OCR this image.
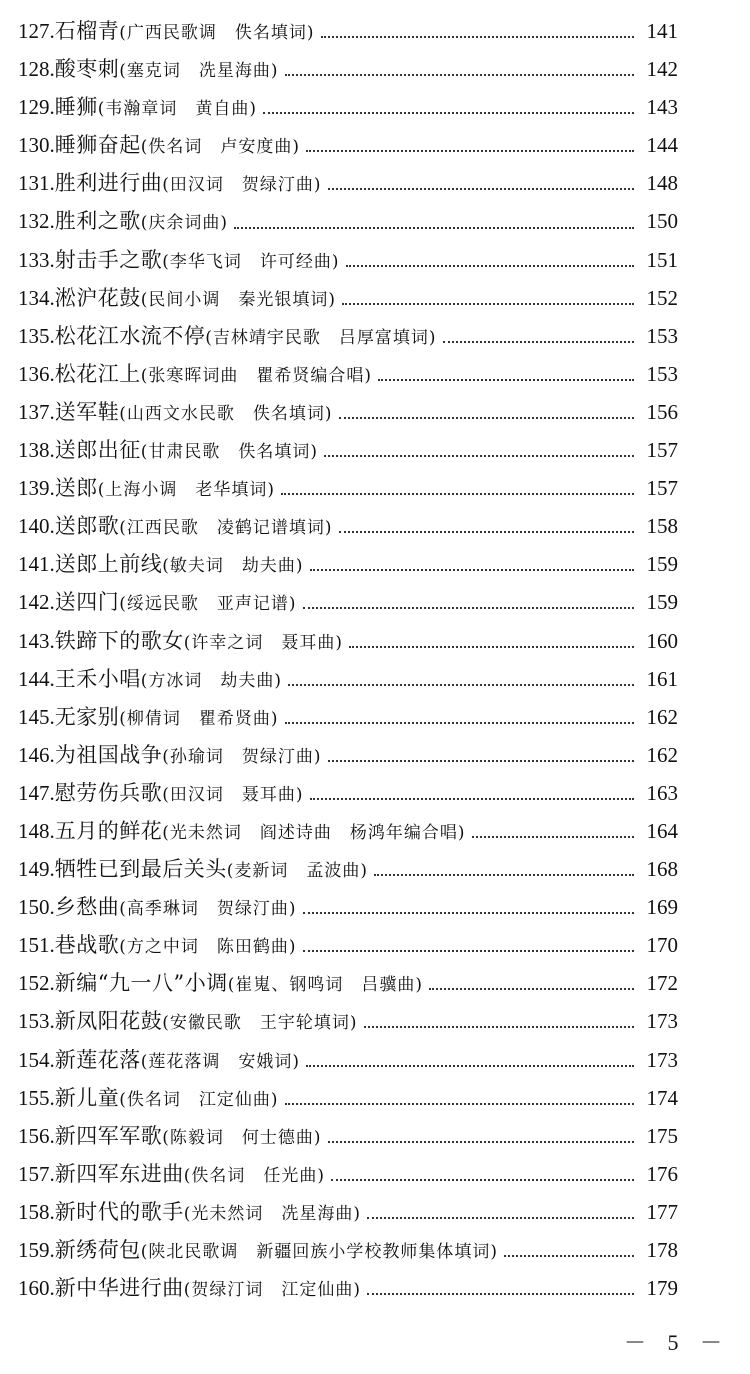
127. 石榴青 (广西民歌调　佚名填词)	141
128. 酸枣刺 (塞克词　冼星海曲)	142
129. 睡狮 (韦瀚章词　黄自曲)	143
130. 睡狮奋起 (佚名词　卢安度曲)	144
131. 胜利进行曲 (田汉词　贺绿汀曲)	148
132. 胜利之歌 (庆余词曲)	150
133. 射击手之歌 (李华飞词　许可经曲)	151
134. 淞沪花鼓 (民间小调　秦光银填词)	152
135. 松花江水流不停 (吉林靖宇民歌　吕厚富填词)	153
136. 松花江上 (张寒晖词曲　瞿希贤编合唱)	153
137. 送军鞋 (山西文水民歌　佚名填词)	156
138. 送郎出征 (甘肃民歌　佚名填词)	157
139. 送郎 (上海小调　老华填词)	157
140. 送郎歌 (江西民歌　凌鹤记谱填词)	158
141. 送郎上前线 (敏夫词　劫夫曲)	159
142. 送四门 (绥远民歌　亚声记谱)	159
143. 铁蹄下的歌女 (许幸之词　聂耳曲)	160
144. 王禾小唱 (方冰词　劫夫曲)	161
145. 无家别 (柳倩词　瞿希贤曲)	162
146. 为祖国战争 (孙瑜词　贺绿汀曲)	162
147. 慰劳伤兵歌 (田汉词　聂耳曲)	163
148. 五月的鲜花 (光未然词　阎述诗曲　杨鸿年编合唱)	164
149. 牺牲已到最后关头 (麦新词　孟波曲)	168
150. 乡愁曲 (高季琳词　贺绿汀曲)	169
151. 巷战歌 (方之中词　陈田鹤曲)	170
152. 新编“九一八”小调 (崔嵬、钢鸣词　吕骥曲)	172
153. 新凤阳花鼓 (安徽民歌　王宇轮填词)	173
154. 新莲花落 (莲花落调　安娥词)	173
155. 新儿童 (佚名词　江定仙曲)	174
156. 新四军军歌 (陈毅词　何士德曲)	175
157. 新四军东进曲 (佚名词　任光曲)	176
158. 新时代的歌手 (光未然词　冼星海曲)	177
159. 新绣荷包 (陕北民歌调　新疆回族小学校教师集体填词)	178
160. 新中华进行曲 (贺绿汀词　江定仙曲)	179
－ 5 －
